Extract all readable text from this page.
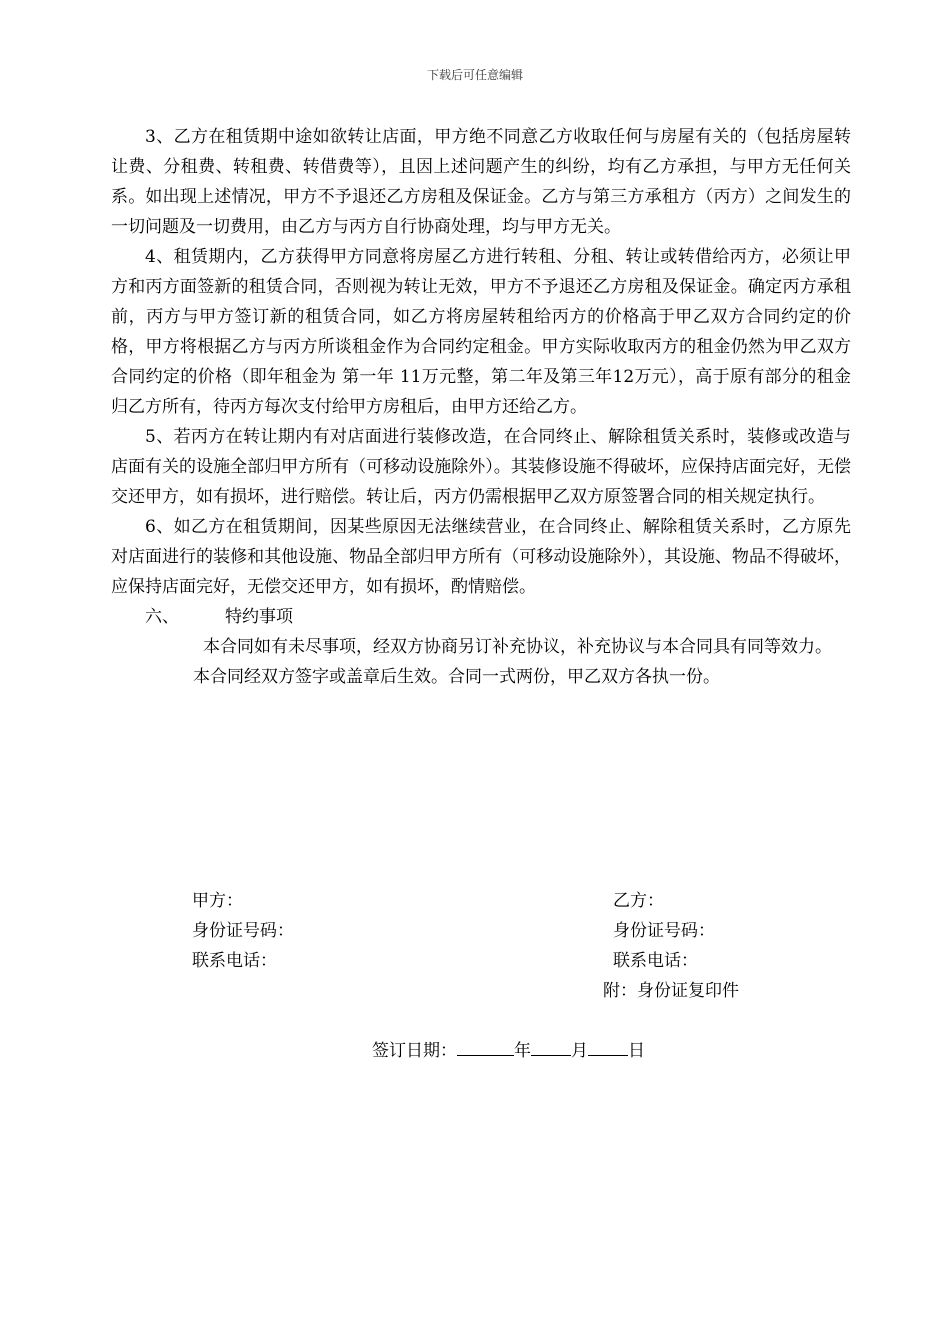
下载后可任意编辑

3、乙方在租赁期中途如欲转让店面，甲方绝不同意乙方收取任何与房屋有关的（包括房屋转让费、分租费、转租费、转借费等），且因上述问题产生的纠纷，均有乙方承担，与甲方无任何关系。如出现上述情况，甲方不予退还乙方房租及保证金。乙方与第三方承租方（丙方）之间发生的一切问题及一切费用，由乙方与丙方自行协商处理，均与甲方无关。

4、租赁期内，乙方获得甲方同意将房屋乙方进行转租、分租、转让或转借给丙方，必须让甲方和丙方面签新的租赁合同，否则视为转让无效，甲方不予退还乙方房租及保证金。确定丙方承租前，丙方与甲方签订新的租赁合同，如乙方将房屋转租给丙方的价格高于甲乙双方合同约定的价格，甲方将根据乙方与丙方所谈租金作为合同约定租金。甲方实际收取丙方的租金仍然为甲乙双方合同约定的价格（即年租金为 第一年 11万元整，第二年及第三年12万元），高于原有部分的租金归乙方所有，待丙方每次支付给甲方房租后，由甲方还给乙方。

5、若丙方在转让期内有对店面进行装修改造，在合同终止、解除租赁关系时，装修或改造与店面有关的设施全部归甲方所有（可移动设施除外）。其装修设施不得破坏，应保持店面完好，无偿交还甲方，如有损坏，进行赔偿。转让后，丙方仍需根据甲乙双方原签署合同的相关规定执行。

6、如乙方在租赁期间，因某些原因无法继续营业，在合同终止、解除租赁关系时，乙方原先对店面进行的装修和其他设施、物品全部归甲方所有（可移动设施除外），其设施、物品不得破坏，应保持店面完好，无偿交还甲方，如有损坏，酌情赔偿。

六、	特约事项

本合同如有未尽事项，经双方协商另订补充协议，补充协议与本合同具有同等效力。

本合同经双方签字或盖章后生效。合同一式两份，甲乙双方各执一份。

甲方：
身份证号码：
联系电话：
乙方：
身份证号码：
联系电话：
附：身份证复印件
签订日期：	年 月 日
